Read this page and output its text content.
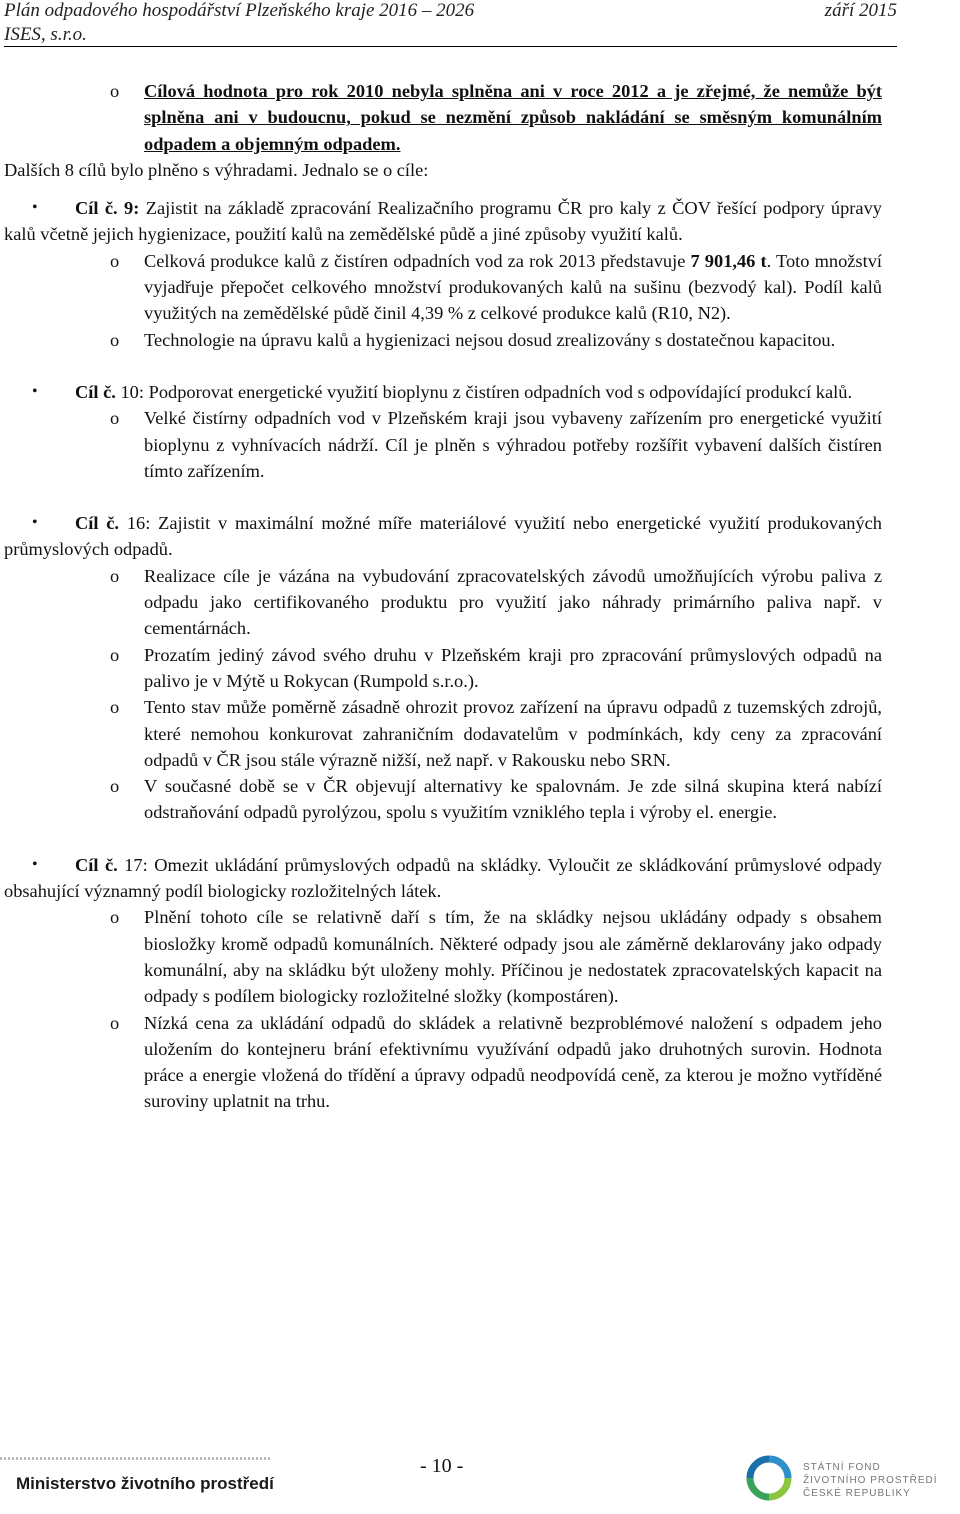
Plán odpadového hospodářství Plzeňského kraje 2016 – 2026	září 2015
ISES, s.r.o.

o Cílová hodnota pro rok 2010 nebyla splněna ani v roce 2012 a je zřejmé, že nemůže být splněna ani v budoucnu, pokud se nezmění způsob nakládání se směsným komunálním odpadem a objemným odpadem.

Dalších 8 cílů bylo plněno s výhradami. Jednalo se o cíle:

• Cíl č. 9: Zajistit na základě zpracování Realizačního programu ČR pro kaly z ČOV řešící podpory úpravy kalů včetně jejich hygienizace, použití kalů na zemědělské půdě a jiné způsoby využití kalů.

o Celková produkce kalů z čistíren odpadních vod za rok 2013 představuje 7 901,46 t. Toto množství vyjadřuje přepočet celkového množství produkovaných kalů na sušinu (bezvodý kal). Podíl kalů využitých na zemědělské půdě činil 4,39 % z celkové produkce kalů (R10, N2).

o Technologie na úpravu kalů a hygienizaci nejsou dosud zrealizovány s dostatečnou kapacitou.

• Cíl č. 10: Podporovat energetické využití bioplynu z čistíren odpadních vod s odpovídající produkcí kalů.

o Velké čistírny odpadních vod v Plzeňském kraji jsou vybaveny zařízením pro energetické využití bioplynu z vyhnívacích nádrží. Cíl je plněn s výhradou potřeby rozšířit vybavení dalších čistíren tímto zařízením.

• Cíl č. 16: Zajistit v maximální možné míře materiálové využití nebo energetické využití produkovaných průmyslových odpadů.

o Realizace cíle je vázána na vybudování zpracovatelských závodů umožňujících výrobu paliva z odpadu jako certifikovaného produktu pro využití jako náhrady primárního paliva např. v cementárnách.

o Prozatím jediný závod svého druhu v Plzeňském kraji pro zpracování průmyslových odpadů na palivo je v Mýtě u Rokycan (Rumpold s.r.o.).

o Tento stav může poměrně zásadně ohrozit provoz zařízení na úpravu odpadů z tuzemských zdrojů, které nemohou konkurovat zahraničním dodavatelům v podmínkách, kdy ceny za zpracování odpadů v ČR jsou stále výrazně nižší, než např. v Rakousku nebo SRN.

o V současné době se v ČR objevují alternativy ke spalovnám. Je zde silná skupina která nabízí odstraňování odpadů pyrolýzou, spolu s využitím vzniklého tepla i výroby el. energie.

• Cíl č. 17: Omezit ukládání průmyslových odpadů na skládky. Vyloučit ze skládkování průmyslové odpady obsahující významný podíl biologicky rozložitelných látek.

o Plnění tohoto cíle se relativně daří s tím, že na skládky nejsou ukládány odpady s obsahem biosložky kromě odpadů komunálních. Některé odpady jsou ale záměrně deklarovány jako odpady komunální, aby na skládku být uloženy mohly. Příčinou je nedostatek zpracovatelských kapacit na odpady s podílem biologicky rozložitelné složky (kompostáren).

o Nízká cena za ukládání odpadů do skládek a relativně bezproblémové naložení s odpadem jeho uložením do kontejneru brání efektivnímu využívání odpadů jako druhotných surovin. Hodnota práce a energie vložená do třídění a úpravy odpadů neodpovídá ceně, za kterou je možno vytříděné suroviny uplatnit na trhu.

Ministerstvo životního prostředí
- 10 -	STÁTNÍ FOND
ŽIVOTNÍHO PROSTŘEDÍ
ČESKÉ REPUBLIKY
